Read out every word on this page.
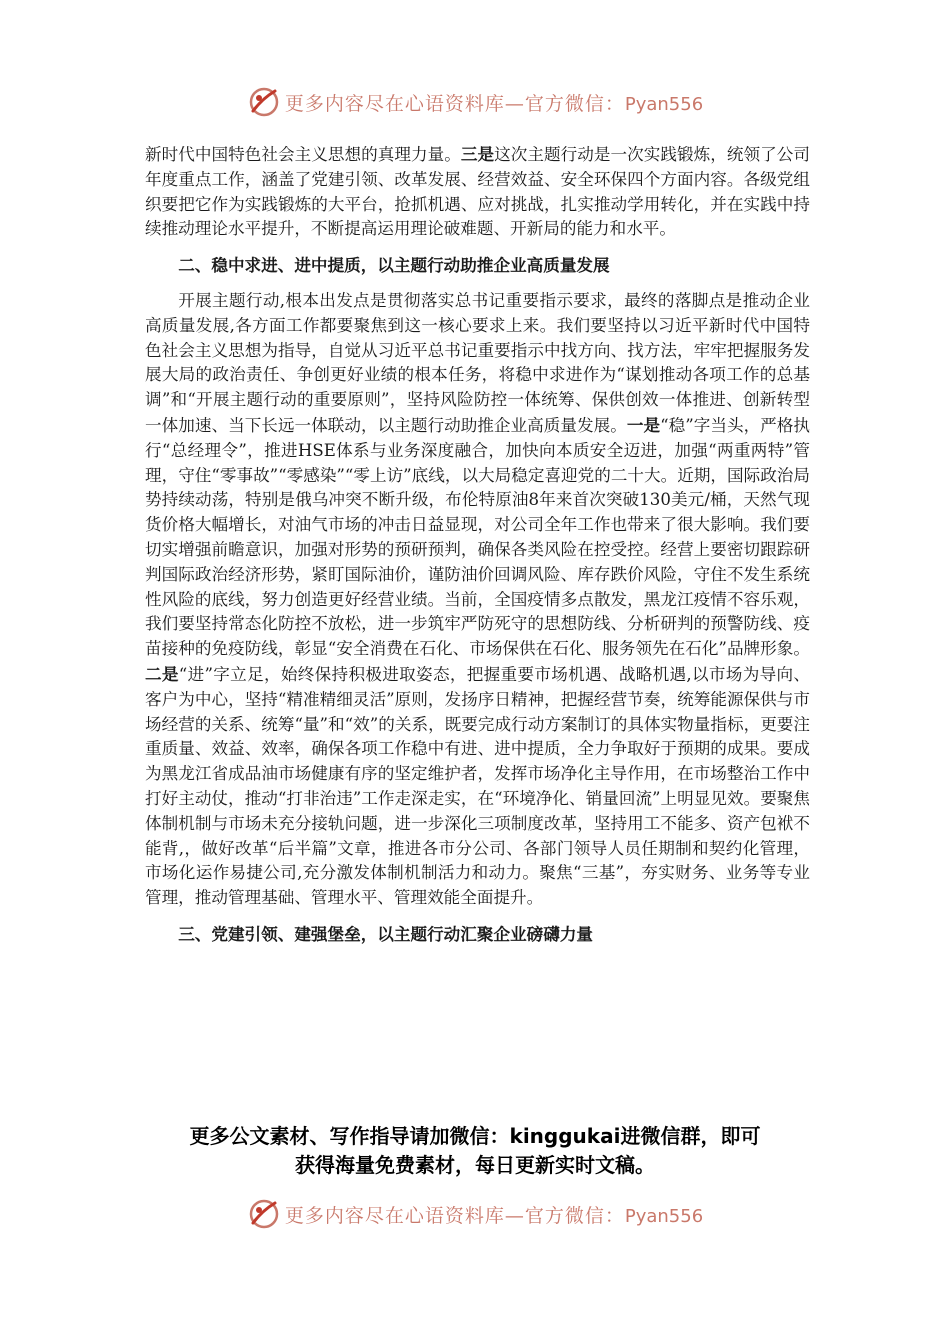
更多内容尽在心语资料库—官方微信：Pyan556

新时代中国特色社会主义思想的真理力量。三是这次主题行动是一次实践锻炼，统领了公司年度重点工作，涵盖了党建引领、改革发展、经营效益、安全环保四个方面内容。各级党组织要把它作为实践锻炼的大平台，抢抓机遇、应对挑战，扎实推动学用转化，并在实践中持续推动理论水平提升，不断提高运用理论破难题、开新局的能力和水平。

二、稳中求进、进中提质，以主题行动助推企业高质量发展

开展主题行动,根本出发点是贯彻落实总书记重要指示要求，最终的落脚点是推动企业高质量发展,各方面工作都要聚焦到这一核心要求上来。我们要坚持以习近平新时代中国特色社会主义思想为指导，自觉从习近平总书记重要指示中找方向、找方法，牢牢把握服务发展大局的政治责任、争创更好业绩的根本任务，将稳中求进作为“谋划推动各项工作的总基调”和“开展主题行动的重要原则”，坚持风险防控一体统筹、保供创效一体推进、创新转型一体加速、当下长远一体联动，以主题行动助推企业高质量发展。一是“稳”字当头，严格执行“总经理令”，推进HSE体系与业务深度融合，加快向本质安全迈进，加强“两重两特”管理，守住“零事故”“零感染”“零上访”底线，以大局稳定喜迎党的二十大。近期，国际政治局势持续动荡，特别是俄乌冲突不断升级，布伦特原油8年来首次突破130美元/桶，天然气现货价格大幅增长，对油气市场的冲击日益显现，对公司全年工作也带来了很大影响。我们要切实增强前瞻意识，加强对形势的预研预判，确保各类风险在控受控。经营上要密切跟踪研判国际政治经济形势，紧盯国际油价，谨防油价回调风险、库存跌价风险，守住不发生系统性风险的底线，努力创造更好经营业绩。当前，全国疫情多点散发，黑龙江疫情不容乐观，我们要坚持常态化防控不放松，进一步筑牢严防死守的思想防线、分析研判的预警防线、疫苗接种的免疫防线，彰显“安全消费在石化、市场保供在石化、服务领先在石化”品牌形象。二是“进”字立足，始终保持积极进取姿态，把握重要市场机遇、战略机遇,以市场为导向、客户为中心，坚持“精准精细灵活”原则，发扬序日精神，把握经营节奏，统筹能源保供与市场经营的关系、统筹“量”和“效”的关系，既要完成行动方案制订的具体实物量指标，更要注重质量、效益、效率，确保各项工作稳中有进、进中提质，全力争取好于预期的成果。要成为黑龙江省成品油市场健康有序的坚定维护者，发挥市场净化主导作用，在市场整治工作中打好主动仗，推动“打非治违”工作走深走实，在“环境净化、销量回流”上明显见效。要聚焦体制机制与市场未充分接轨问题，进一步深化三项制度改革，坚持用工不能多、资产包袱不能背,，做好改革“后半篇”文章，推进各市分公司、各部门领导人员任期制和契约化管理，市场化运作易捷公司,充分激发体制机制活力和动力。聚焦“三基”，夯实财务、业务等专业管理，推动管理基础、管理水平、管理效能全面提升。

三、党建引领、建强堡垒，以主题行动汇聚企业磅礴力量
更多公文素材、写作指导请加微信：kinggukai进微信群，即可
获得海量免费素材，每日更新实时文稿。
更多内容尽在心语资料库—官方微信：Pyan556
